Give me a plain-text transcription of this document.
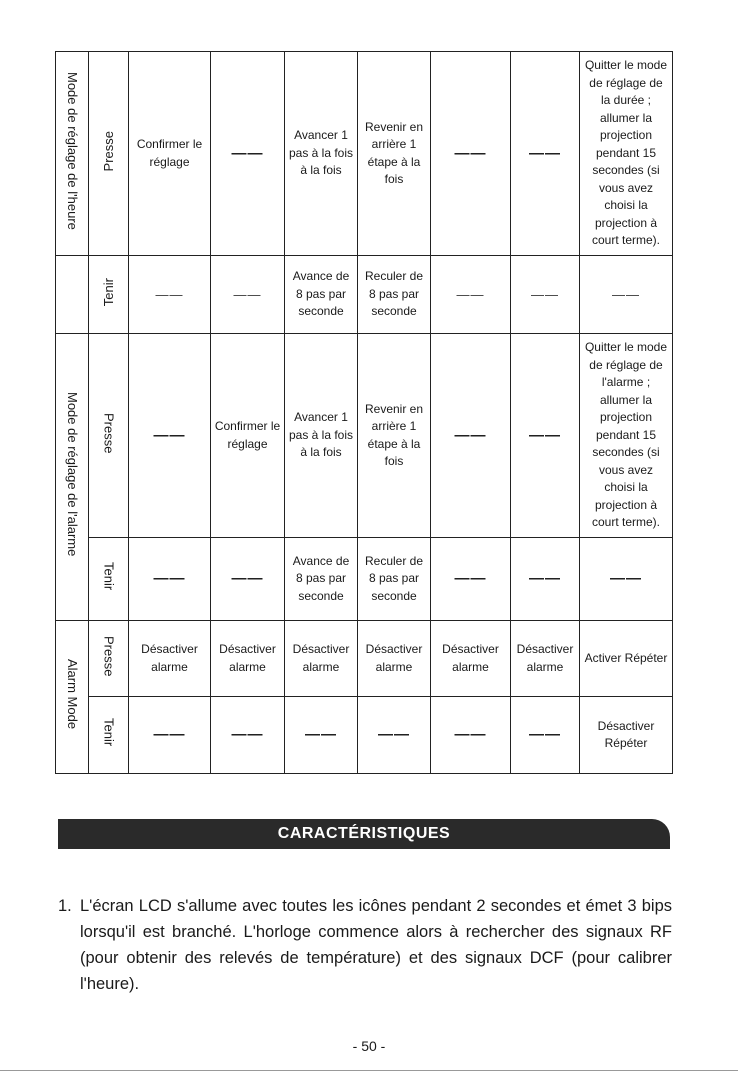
Mode de réglage de l'heure	Presse	Confirmer le réglage	——	Avancer 1 pas à la fois à la fois	Revenir en arrière 1 étape à la fois	——	——	Quitter le mode de réglage de la durée ; allumer la projection pendant 15 secondes (si vous avez choisi la projection à court terme).
	Tenir	——	——	Avance de 8 pas par seconde	Reculer de 8 pas par seconde	——	——	——
Mode de réglage de l'alarme	Presse	——	Confirmer le réglage	Avancer 1 pas à la fois à la fois	Revenir en arrière 1 étape à la fois	——	——	Quitter le mode de réglage de l'alarme ; allumer la projection pendant 15 secondes (si vous avez choisi la projection à court terme).
	Tenir	——	——	Avance de 8 pas par seconde	Reculer de 8 pas par seconde	——	——	——
Alarm Mode	Presse	Désactiver alarme	Désactiver alarme	Désactiver alarme	Désactiver alarme	Désactiver alarme	Désactiver alarme	Activer Répéter
	Tenir	——	——	——	——	——	——	Désactiver Répéter
CARACTÉRISTIQUES
1. L'écran LCD s'allume avec toutes les icônes pendant 2 secondes et émet 3 bips lorsqu'il est branché. L'horloge commence alors à rechercher des signaux RF (pour obtenir des relevés de température) et des signaux DCF (pour calibrer l'heure).
- 50 -
